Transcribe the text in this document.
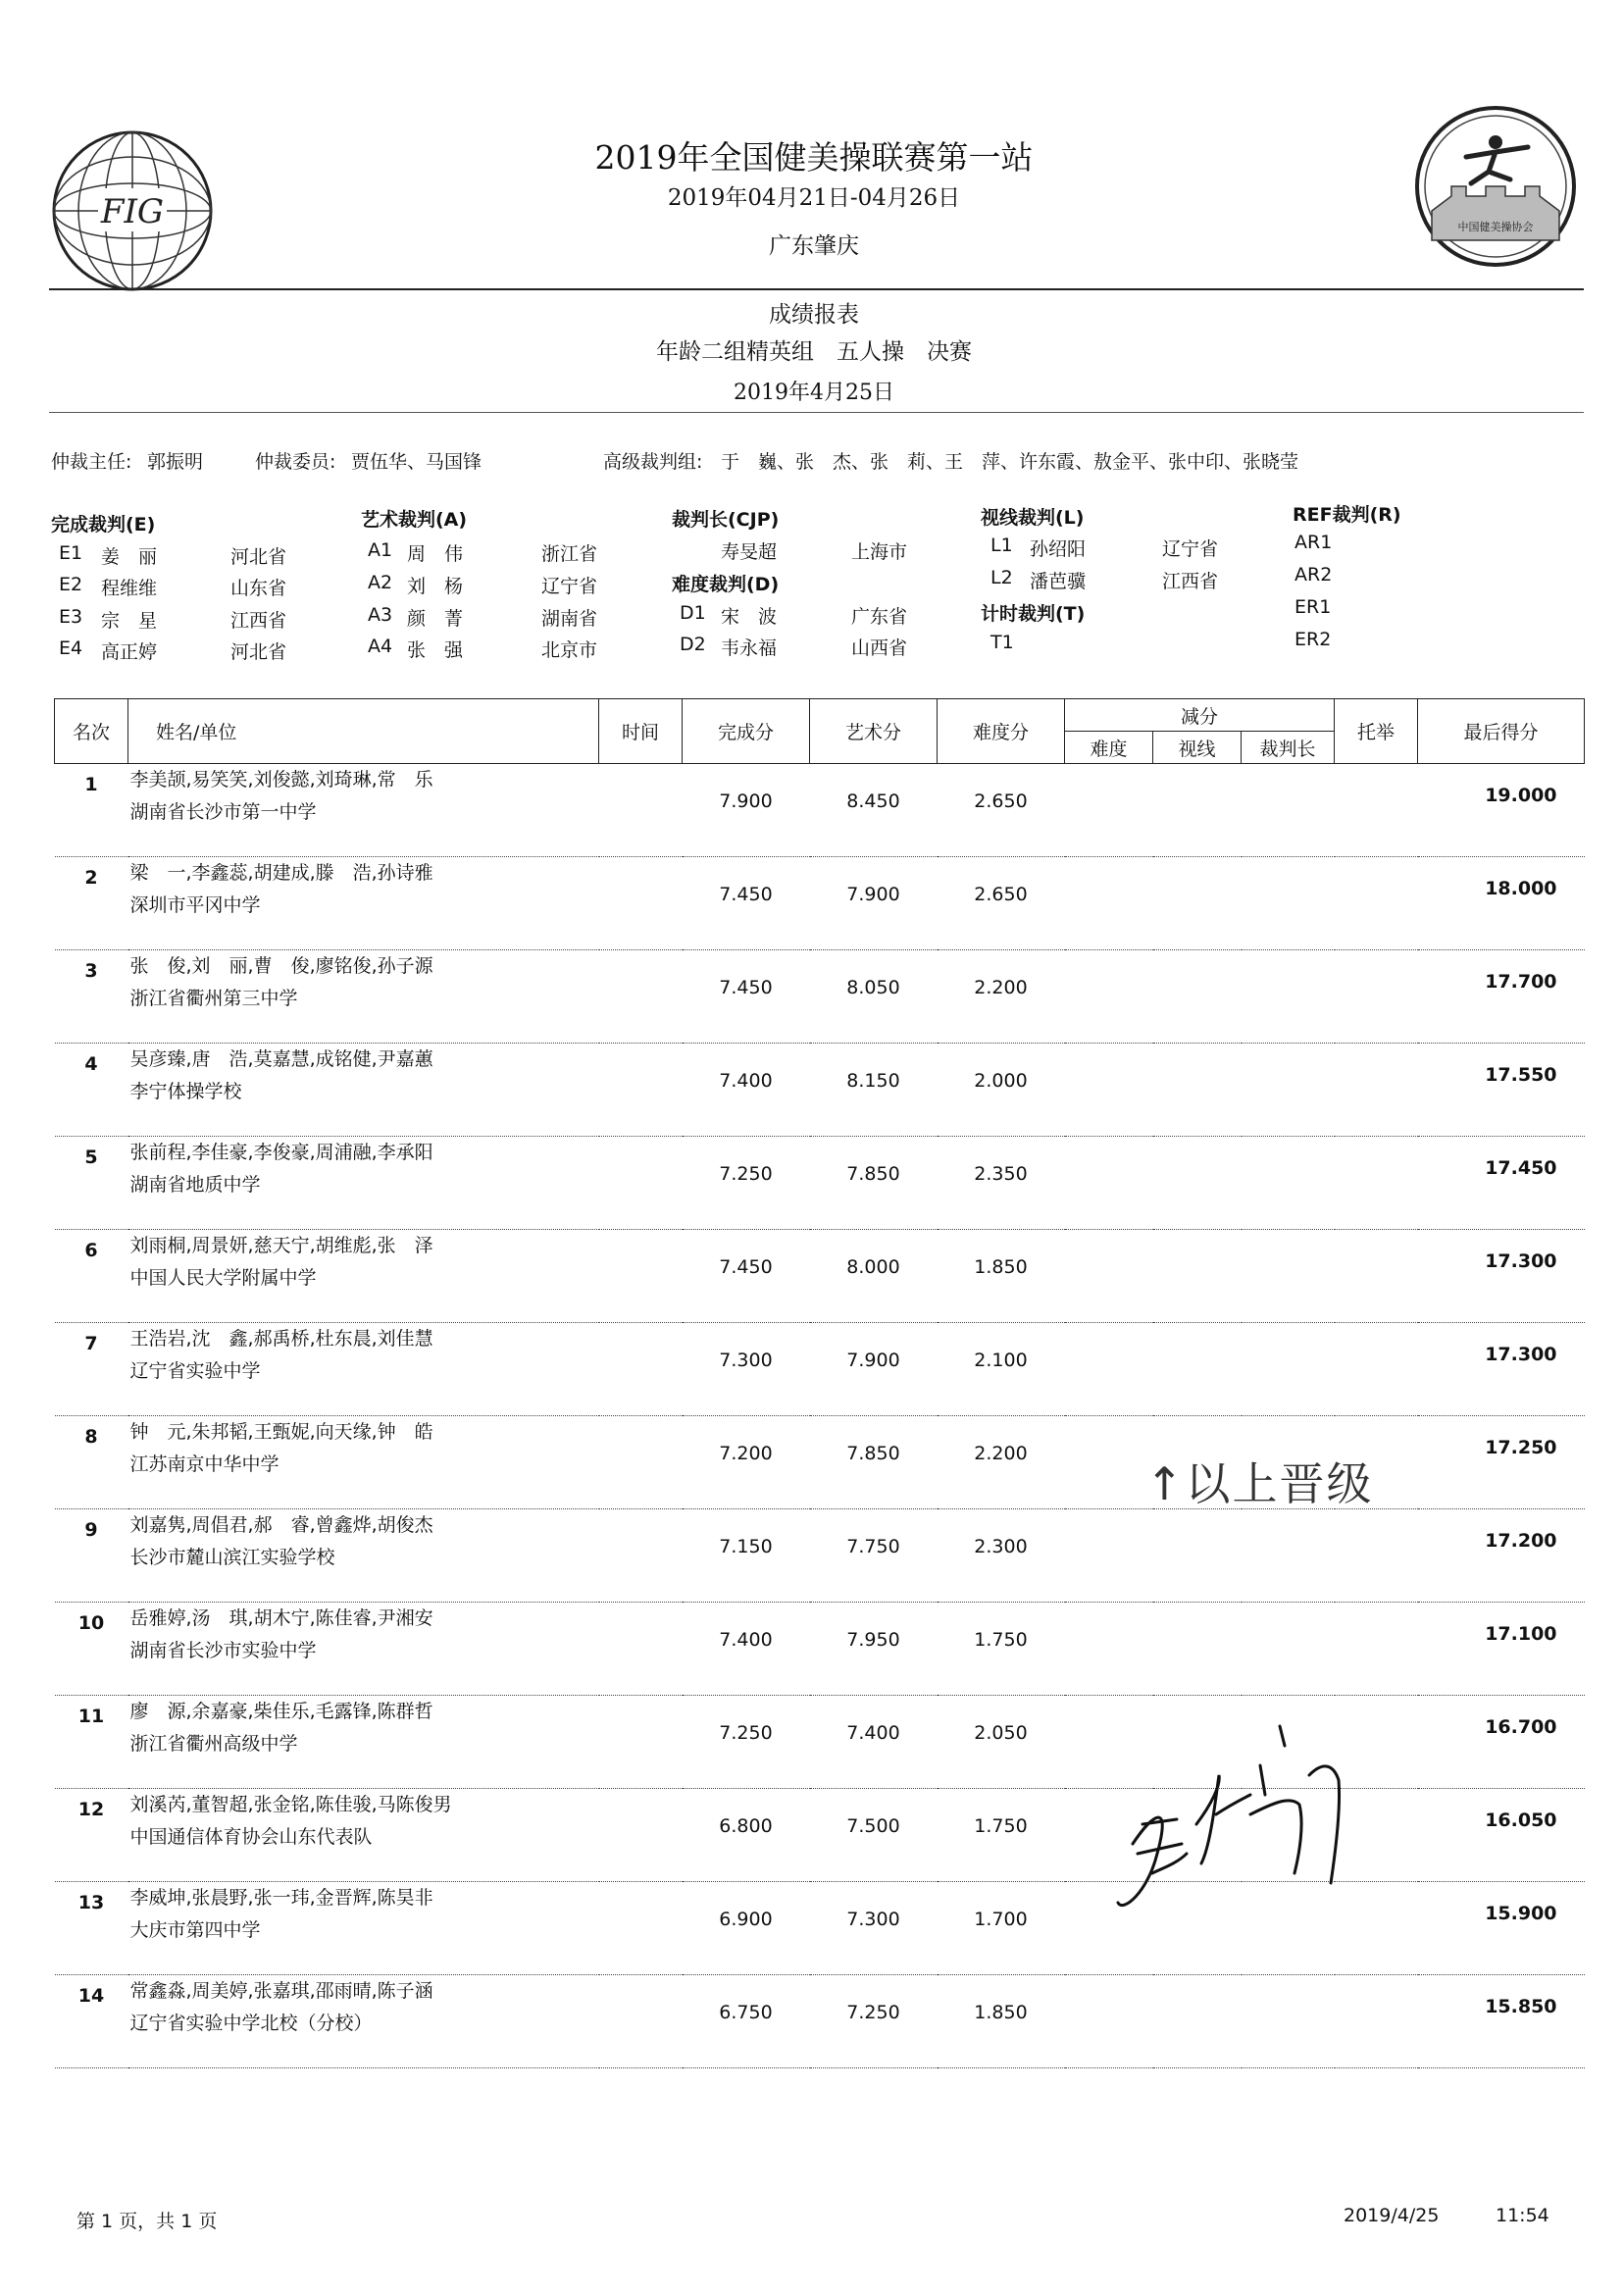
FIG	中国健美操协会
2019年全国健美操联赛第一站
2019年04月21日-04月26日
广东肇庆
成绩报表
年龄二组精英组　五人操　决赛
2019年4月25日
仲裁主任: 郭振明	仲裁委员: 贾伍华、马国锋	高级裁判组: 于　巍、张　杰、张　莉、王　萍、许东霞、敖金平、张中印、张晓莹
完成裁判(E)
E1 姜　丽	河北省
E2 程维维	山东省
E3 宗　星	江西省
E4 高正婷	河北省
艺术裁判(A)
A1 周　伟	浙江省
A2 刘　杨	辽宁省
A3 颜　菁	湖南省
A4 张　强	北京市
裁判长(CJP)
寿旻超	上海市
难度裁判(D)
D1 宋　波	广东省
D2 韦永福	山西省
视线裁判(L)
L1 孙绍阳	辽宁省
L2 潘芭骥	江西省
计时裁判(T)
T1
REF裁判(R)
AR1
AR2
ER1
ER2
名次	姓名/单位	时间	完成分	艺术分	难度分	减分			托举	最后得分
						难度	视线	裁判长		
1	李美颉,易笑笑,刘俊懿,刘琦琳,常　乐
湖南省长沙市第一中学		7.900	8.450	2.650					19.000
2	梁　一,李鑫蕊,胡建成,滕　浩,孙诗雅
深圳市平冈中学		7.450	7.900	2.650					18.000
3	张　俊,刘　丽,曹　俊,廖铭俊,孙子源
浙江省衢州第三中学		7.450	8.050	2.200					17.700
4	吴彦臻,唐　浩,莫嘉慧,成铭健,尹嘉蕙
李宁体操学校		7.400	8.150	2.000					17.550
5	张前程,李佳豪,李俊豪,周浦融,李承阳
湖南省地质中学		7.250	7.850	2.350					17.450
6	刘雨桐,周景妍,慈天宁,胡维彪,张　泽
中国人民大学附属中学		7.450	8.000	1.850					17.300
7	王浩岩,沈　鑫,郝禹桥,杜东晨,刘佳慧
辽宁省实验中学		7.300	7.900	2.100					17.300
8	钟　元,朱邦韬,王甄妮,向天缘,钟　皓
江苏南京中华中学		7.200	7.850	2.200					17.250
9	刘嘉隽,周倡君,郝　睿,曾鑫烨,胡俊杰
长沙市麓山滨江实验学校		7.150	7.750	2.300					17.200
10	岳雅婷,汤　琪,胡木宁,陈佳睿,尹湘安
湖南省长沙市实验中学		7.400	7.950	1.750					17.100
11	廖　源,余嘉豪,柴佳乐,毛露锋,陈群哲
浙江省衢州高级中学		7.250	7.400	2.050					16.700
12	刘溪芮,董智超,张金铭,陈佳骏,马陈俊男
中国通信体育协会山东代表队		6.800	7.500	1.750					16.050
13	李威坤,张晨野,张一玮,金晋辉,陈昊非
大庆市第四中学		6.900	7.300	1.700					15.900
14	常鑫淼,周美婷,张嘉琪,邵雨晴,陈子涵
辽宁省实验中学北校（分校）		6.750	7.250	1.850					15.850
↑以上晋级
第 1 页，共 1 页	2019/4/25	11:54
